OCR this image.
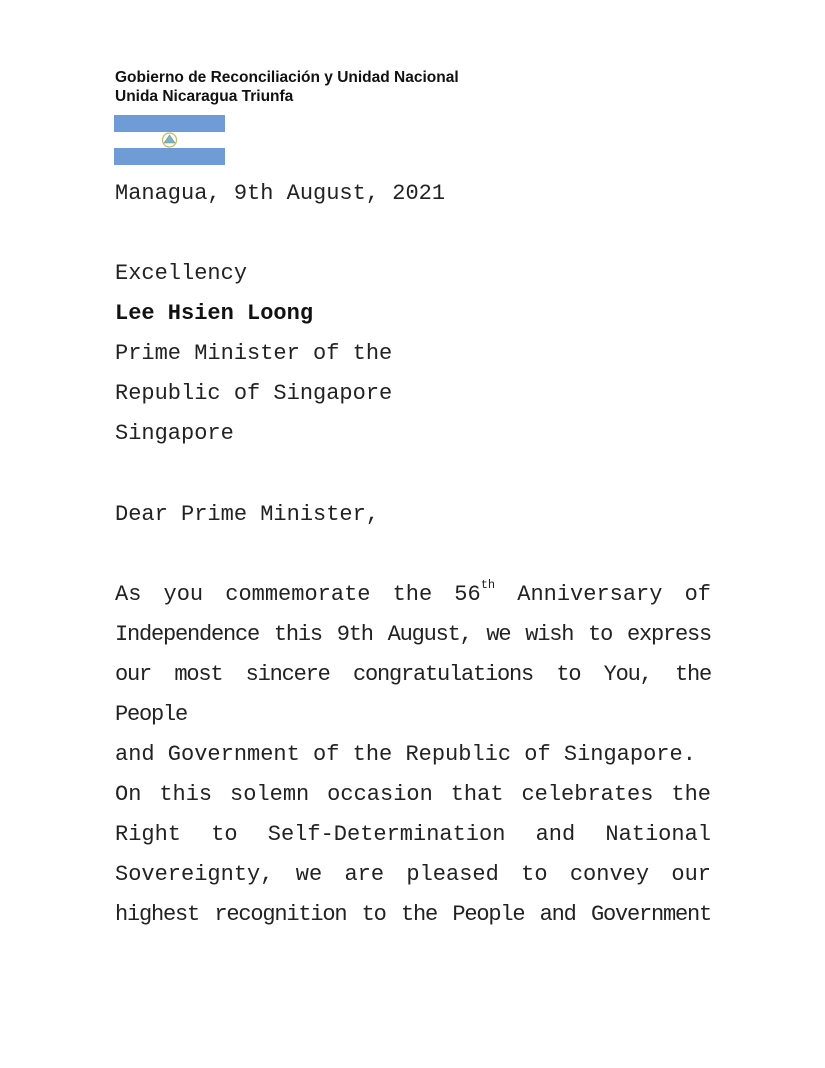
Gobierno de Reconciliación y Unidad Nacional
Unida Nicaragua Triunfa
Managua, 9th August, 2021
Excellency
Lee Hsien Loong
Prime Minister of the
Republic of Singapore
Singapore
Dear Prime Minister,
As you commemorate the 56th Anniversary of
Independence this 9th August, we wish to express
our most sincere congratulations to You, the People
and Government of the Republic of Singapore.
On this solemn occasion that celebrates the
Right to Self-Determination and National
Sovereignty, we are pleased to convey our
highest recognition to the People and Government
